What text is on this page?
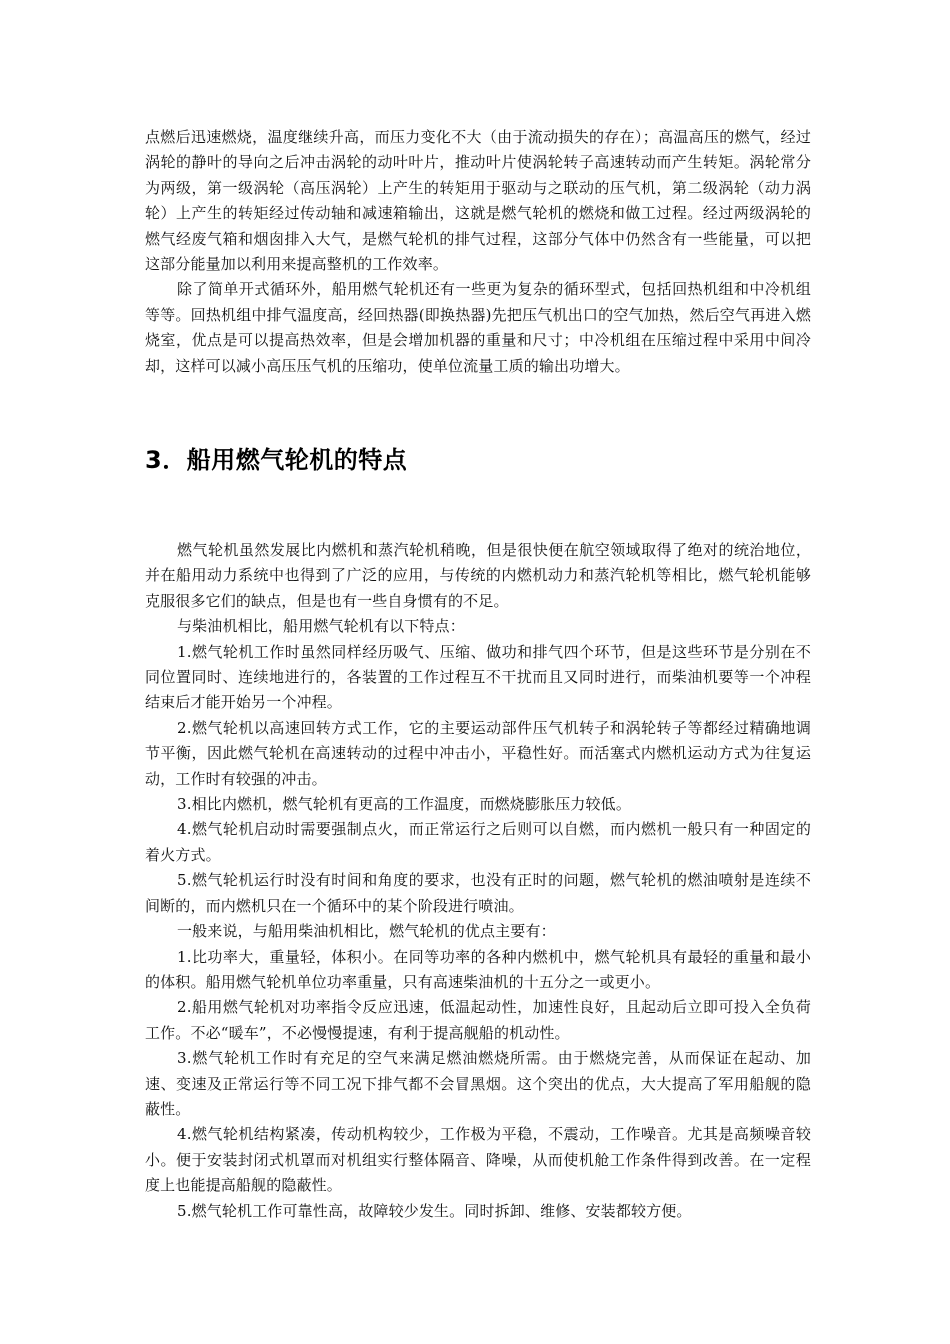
点燃后迅速燃烧，温度继续升高，而压力变化不大（由于流动损失的存在）；高温高压的燃气，经过涡轮的静叶的导向之后冲击涡轮的动叶叶片，推动叶片使涡轮转子高速转动而产生转矩。涡轮常分为两级，第一级涡轮（高压涡轮）上产生的转矩用于驱动与之联动的压气机，第二级涡轮（动力涡轮）上产生的转矩经过传动轴和减速箱输出，这就是燃气轮机的燃烧和做工过程。经过两级涡轮的燃气经废气箱和烟囱排入大气，是燃气轮机的排气过程，这部分气体中仍然含有一些能量，可以把这部分能量加以利用来提高整机的工作效率。

除了简单开式循环外，船用燃气轮机还有一些更为复杂的循环型式，包括回热机组和中冷机组等等。回热机组中排气温度高，经回热器(即换热器)先把压气机出口的空气加热，然后空气再进入燃烧室，优点是可以提高热效率，但是会增加机器的重量和尺寸；中冷机组在压缩过程中采用中间冷却，这样可以减小高压压气机的压缩功，使单位流量工质的输出功增大。

3．船用燃气轮机的特点

燃气轮机虽然发展比内燃机和蒸汽轮机稍晚，但是很快便在航空领域取得了绝对的统治地位，并在船用动力系统中也得到了广泛的应用，与传统的内燃机动力和蒸汽轮机等相比，燃气轮机能够克服很多它们的缺点，但是也有一些自身惯有的不足。

与柴油机相比，船用燃气轮机有以下特点：

1.燃气轮机工作时虽然同样经历吸气、压缩、做功和排气四个环节，但是这些环节是分别在不同位置同时、连续地进行的，各装置的工作过程互不干扰而且又同时进行，而柴油机要等一个冲程结束后才能开始另一个冲程。

2.燃气轮机以高速回转方式工作，它的主要运动部件压气机转子和涡轮转子等都经过精确地调节平衡，因此燃气轮机在高速转动的过程中冲击小，平稳性好。而活塞式内燃机运动方式为往复运动，工作时有较强的冲击。

3.相比内燃机，燃气轮机有更高的工作温度，而燃烧膨胀压力较低。

4.燃气轮机启动时需要强制点火，而正常运行之后则可以自燃，而内燃机一般只有一种固定的着火方式。

5.燃气轮机运行时没有时间和角度的要求，也没有正时的问题，燃气轮机的燃油喷射是连续不间断的，而内燃机只在一个循环中的某个阶段进行喷油。

一般来说，与船用柴油机相比，燃气轮机的优点主要有：

1.比功率大，重量轻，体积小。在同等功率的各种内燃机中，燃气轮机具有最轻的重量和最小的体积。船用燃气轮机单位功率重量，只有高速柴油机的十五分之一或更小。

2.船用燃气轮机对功率指令反应迅速，低温起动性，加速性良好，且起动后立即可投入全负荷工作。不必“暖车”，不必慢慢提速，有利于提高舰船的机动性。

3.燃气轮机工作时有充足的空气来满足燃油燃烧所需。由于燃烧完善，从而保证在起动、加速、变速及正常运行等不同工况下排气都不会冒黑烟。这个突出的优点，大大提高了军用船舰的隐蔽性。

4.燃气轮机结构紧凑，传动机构较少，工作极为平稳，不震动，工作噪音。尤其是高频噪音较小。便于安装封闭式机罩而对机组实行整体隔音、降噪，从而使机舱工作条件得到改善。在一定程度上也能提高船舰的隐蔽性。

5.燃气轮机工作可靠性高，故障较少发生。同时拆卸、维修、安装都较方便。
